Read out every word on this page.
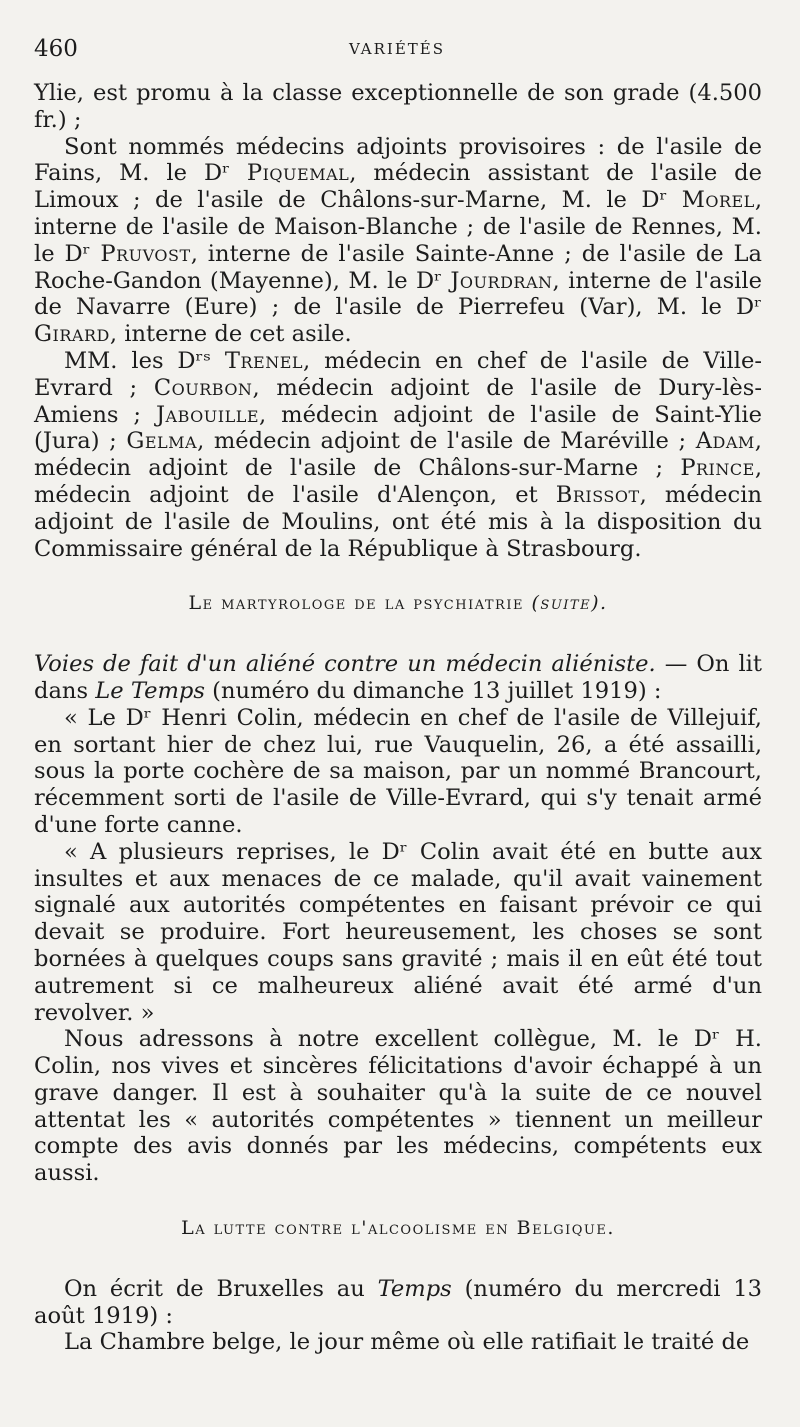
460	VARIÉTÉS

Ylie, est promu à la classe exceptionnelle de son grade (4.500 fr.) ;

Sont nommés médecins adjoints provisoires : de l'asile de Fains, M. le Dʳ Piquemal, médecin assistant de l'asile de Limoux ; de l'asile de Châlons-sur-Marne, M. le Dʳ Morel, interne de l'asile de Maison-Blanche ; de l'asile de Rennes, M. le Dʳ Pruvost, interne de l'asile Sainte-Anne ; de l'asile de La Roche-Gandon (Mayenne), M. le Dʳ Jourdran, interne de l'asile de Navarre (Eure) ; de l'asile de Pierrefeu (Var), M. le Dʳ Girard, interne de cet asile.

MM. les Dʳˢ Trenel, médecin en chef de l'asile de Ville-Evrard ; Courbon, médecin adjoint de l'asile de Dury-lès-Amiens ; Jabouille, médecin adjoint de l'asile de Saint-Ylie (Jura) ; Gelma, médecin adjoint de l'asile de Maréville ; Adam, médecin adjoint de l'asile de Châlons-sur-Marne ; Prince, médecin adjoint de l'asile d'Alençon, et Brissot, médecin adjoint de l'asile de Moulins, ont été mis à la disposition du Commissaire général de la République à Strasbourg.

Le martyrologe de la psychiatrie (suite).

Voies de fait d'un aliéné contre un médecin aliéniste. — On lit dans Le Temps (numéro du dimanche 13 juillet 1919) :

« Le Dʳ Henri Colin, médecin en chef de l'asile de Villejuif, en sortant hier de chez lui, rue Vauquelin, 26, a été assailli, sous la porte cochère de sa maison, par un nommé Brancourt, récemment sorti de l'asile de Ville-Evrard, qui s'y tenait armé d'une forte canne.

« A plusieurs reprises, le Dʳ Colin avait été en butte aux insultes et aux menaces de ce malade, qu'il avait vainement signalé aux autorités compétentes en faisant prévoir ce qui devait se produire. Fort heureusement, les choses se sont bornées à quelques coups sans gravité ; mais il en eût été tout autrement si ce malheureux aliéné avait été armé d'un revolver. »

Nous adressons à notre excellent collègue, M. le Dʳ H. Colin, nos vives et sincères félicitations d'avoir échappé à un grave danger. Il est à souhaiter qu'à la suite de ce nouvel attentat les « autorités compétentes » tiennent un meilleur compte des avis donnés par les médecins, compétents eux aussi.

La lutte contre l'alcoolisme en Belgique.

On écrit de Bruxelles au Temps (numéro du mercredi 13 août 1919) :

La Chambre belge, le jour même où elle ratifiait le traité de
